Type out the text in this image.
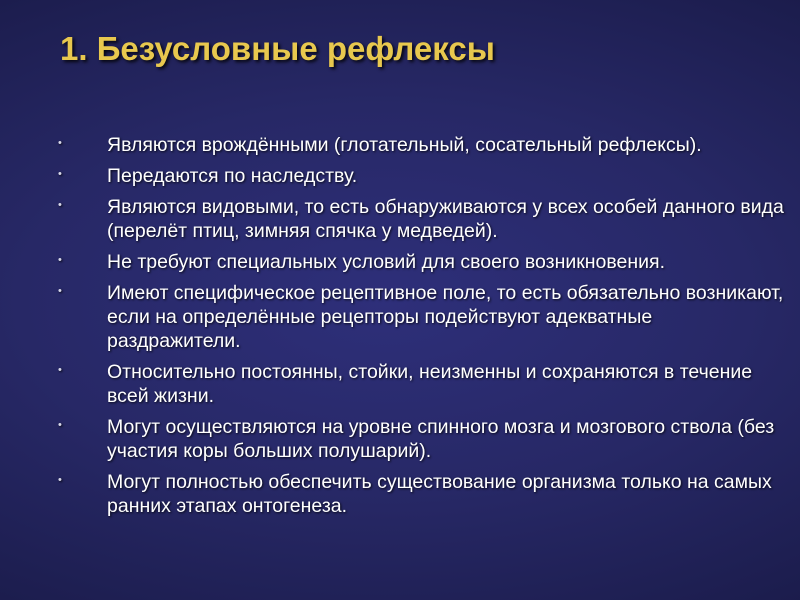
1. Безусловные рефлексы
• Являются врождёнными (глотательный, сосательный рефлексы).
• Передаются по наследству.
• Являются видовыми, то есть обнаруживаются у всех особей данного вида (перелёт птиц, зимняя спячка у медведей).
• Не требуют специальных условий для своего возникновения.
• Имеют специфическое рецептивное поле, то есть обязательно возникают, если на определённые рецепторы подействуют адекватные раздражители.
• Относительно постоянны, стойки, неизменны и сохраняются в течение всей жизни.
• Могут осуществляются на уровне спинного мозга и мозгового ствола (без участия коры больших полушарий).
• Могут полностью обеспечить существование организма только на самых ранних этапах онтогенеза.
